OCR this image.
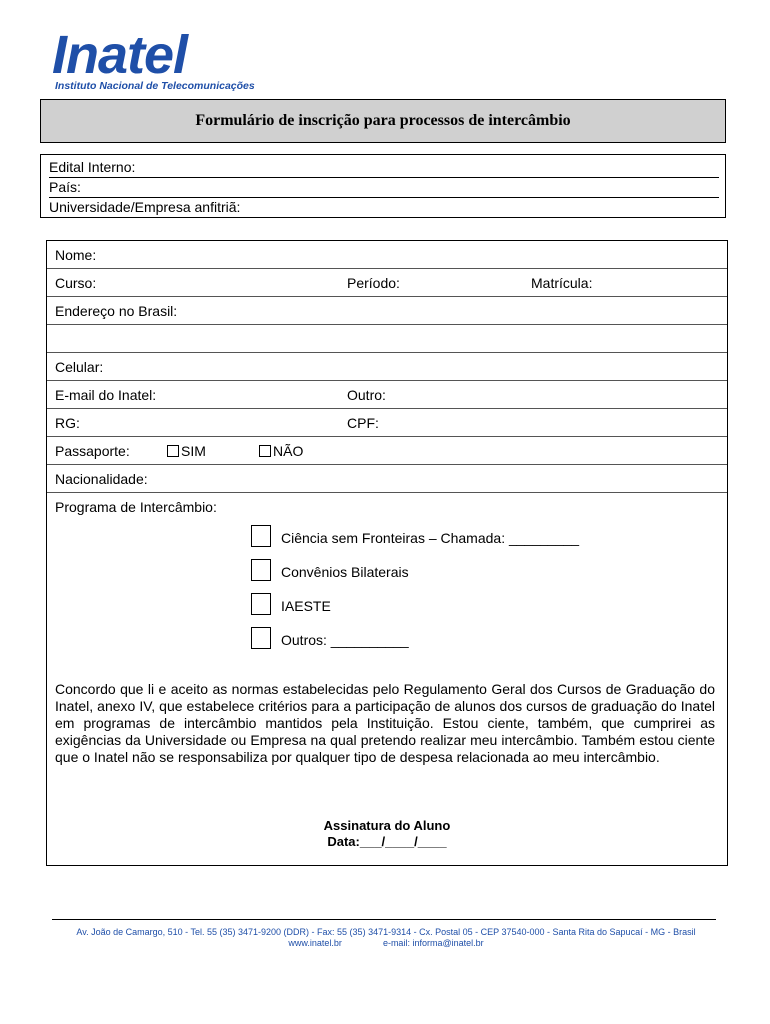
Inatel
Instituto Nacional de Telecomunicações
Formulário de inscrição para processos de intercâmbio
Edital Interno:
País:
Universidade/Empresa anfitriã:
Nome:
Curso:	Período:	Matrícula:
Endereço no Brasil:
Celular:
E-mail do Inatel:	Outro:
RG:	CPF:
Passaporte:	SIM	NÃO
Nacionalidade:
Programa de Intercâmbio:
Ciência sem Fronteiras – Chamada: _________
Convênios Bilaterais
IAESTE
Outros: __________
Concordo que li e aceito as normas estabelecidas pelo Regulamento Geral dos Cursos de Graduação do Inatel, anexo IV, que estabelece critérios para a participação de alunos dos cursos de graduação do Inatel em programas de intercâmbio mantidos pela Instituição. Estou ciente, também, que cumprirei as exigências da Universidade ou Empresa na qual pretendo realizar meu intercâmbio. Também estou ciente que o Inatel não se responsabiliza por qualquer tipo de despesa relacionada ao meu intercâmbio.
Assinatura do Aluno
Data:___/____/____
Av. João de Camargo, 510 - Tel. 55 (35) 3471-9200 (DDR) - Fax: 55 (35) 3471-9314 - Cx. Postal 05 - CEP 37540-000 - Santa Rita do Sapucaí - MG - Brasil
www.inatel.br	e-mail: informa@inatel.br
